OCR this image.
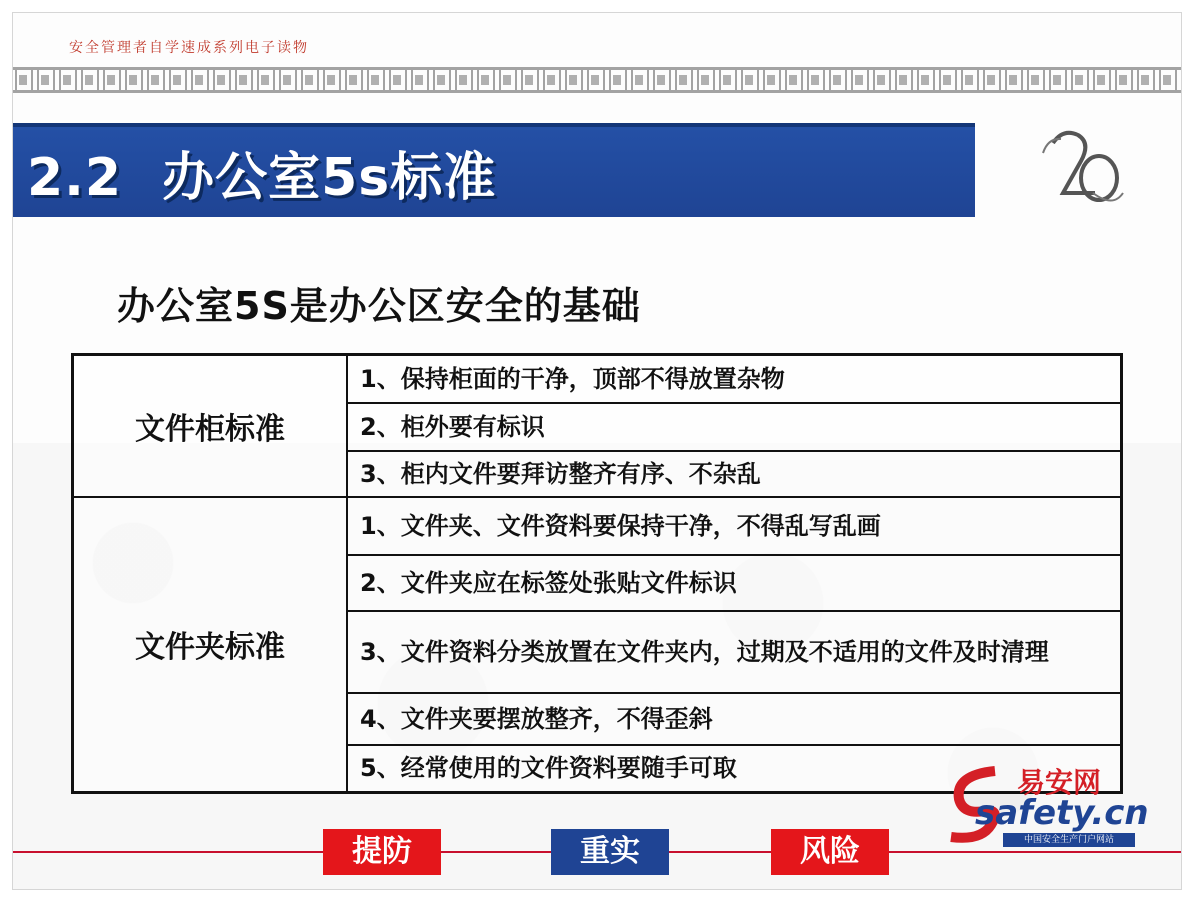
安全管理者自学速成系列电子读物
2.2 办公室5s标准
办公室5S是办公区安全的基础
文件柜标准	1、保持柜面的干净，顶部不得放置杂物
	2、柜外要有标识
	3、柜内文件要拜访整齐有序、不杂乱
文件夹标准	1、文件夹、文件资料要保持干净，不得乱写乱画
	2、文件夹应在标签处张贴文件标识
	3、文件资料分类放置在文件夹内，过期及不适用的文件及时清理
	4、文件夹要摆放整齐，不得歪斜
	5、经常使用的文件资料要随手可取	易安网
safety.cn
中国安全生产门户网站
提防	重实	风险
